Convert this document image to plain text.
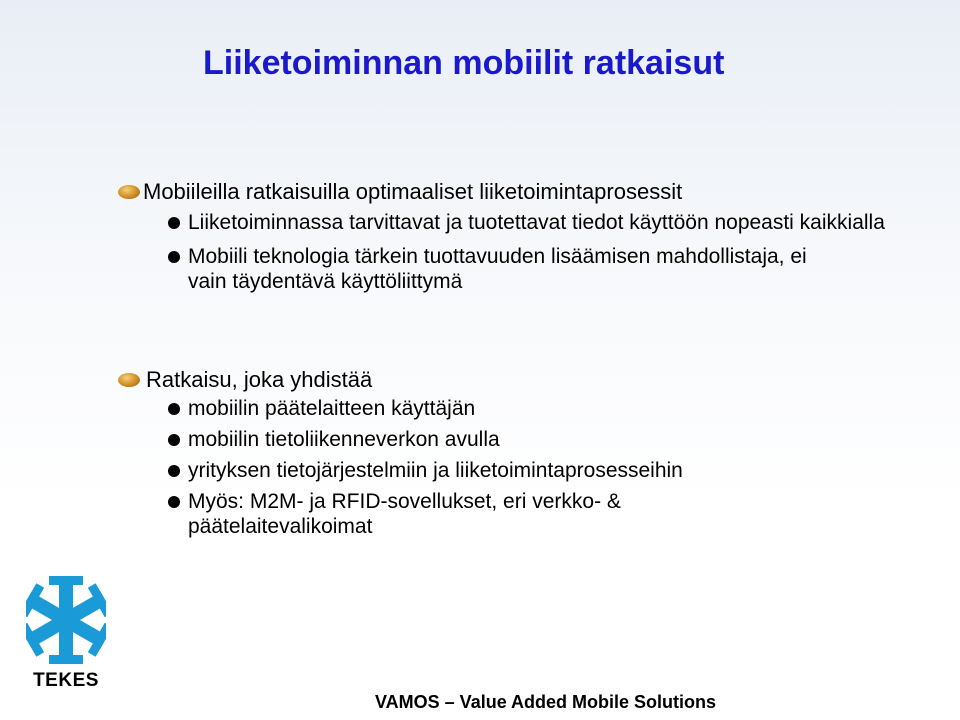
Liiketoiminnan mobiilit ratkaisut
Mobiileilla ratkaisuilla optimaaliset liiketoimintaprosessit
Liiketoiminnassa tarvittavat ja tuotettavat tiedot käyttöön nopeasti kaikkialla
Mobiili teknologia tärkein tuottavuuden lisäämisen mahdollistaja, ei vain täydentävä käyttöliittymä
Ratkaisu, joka yhdistää
mobiilin päätelaitteen käyttäjän
mobiilin tietoliikenneverkon avulla
yrityksen tietojärjestelmiin ja liiketoimintaprosesseihin
Myös: M2M- ja RFID-sovellukset, eri verkko- & päätelaitevalikoimat
TEKES
VAMOS – Value Added Mobile Solutions
